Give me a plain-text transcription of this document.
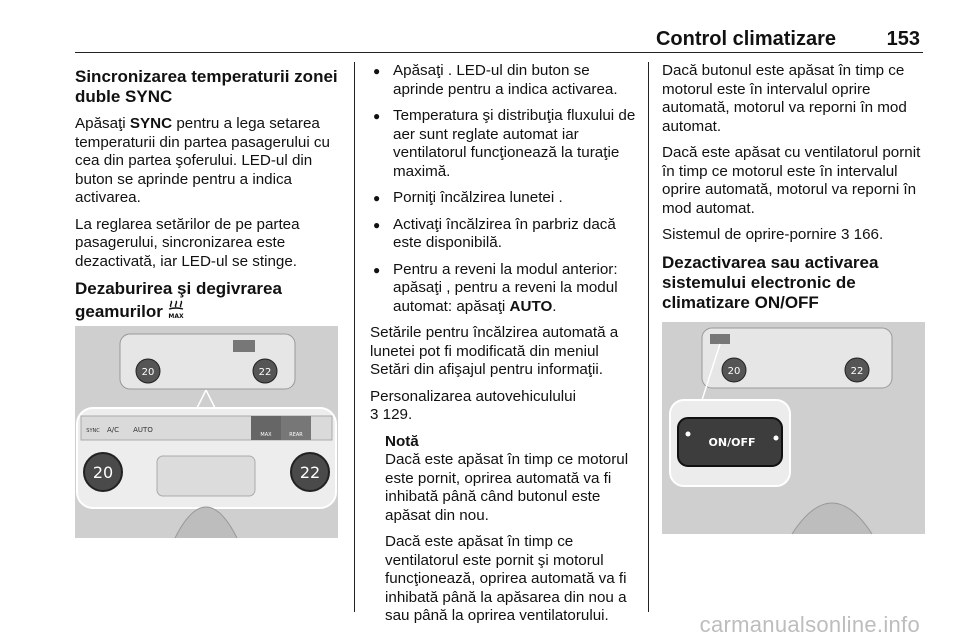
Control climatizare	153
Sincronizarea temperaturii zonei duble SYNC

Apăsaţi SYNC pentru a lega setarea temperaturii din partea pasagerului cu cea din partea şoferului. LED-ul din buton se aprinde pentru a indica activarea.

La reglarea setărilor de pe partea pasagerului, sincronizarea este dezactivată, iar LED-ul se stinge.

Dezaburirea şi degivrarea geamurilor MAX
20	22
A/C AUTO
SYNC
MAX	REAR
20	22
● Apăsaţi . LED-ul din buton se aprinde pentru a indica activarea.
● Temperatura şi distribuţia fluxului de aer sunt reglate automat iar ventilatorul funcţionează la turaţie maximă.
● Porniţi încălzirea lunetei .
● Activaţi încălzirea în parbriz dacă este disponibilă.
● Pentru a reveni la modul anterior: apăsaţi , pentru a reveni la modul automat: apăsaţi AUTO.

Setările pentru încălzirea automată a lunetei pot fi modificată din meniul Setări din afişajul pentru informaţii.

Personalizarea autovehiculului
3 129.

Notă

Dacă este apăsat în timp ce motorul este pornit, oprirea automată va fi inhibată până când butonul este apăsat din nou.

Dacă este apăsat în timp ce ventilatorul este pornit şi motorul funcţionează, oprirea automată va fi inhibată până la apăsarea din nou a sau până la oprirea ventilatorului.

Dacă butonul este apăsat în timp ce motorul este în intervalul oprire automată, motorul va reporni în mod automat.

Dacă este apăsat cu ventilatorul pornit în timp ce motorul este în intervalul oprire automată, motorul va reporni în mod automat.

Sistemul de oprire-pornire 3 166.

Dezactivarea sau activarea sistemului electronic de climatizare ON/OFF
20	22
ON/OFF
carmanualsonline.info
